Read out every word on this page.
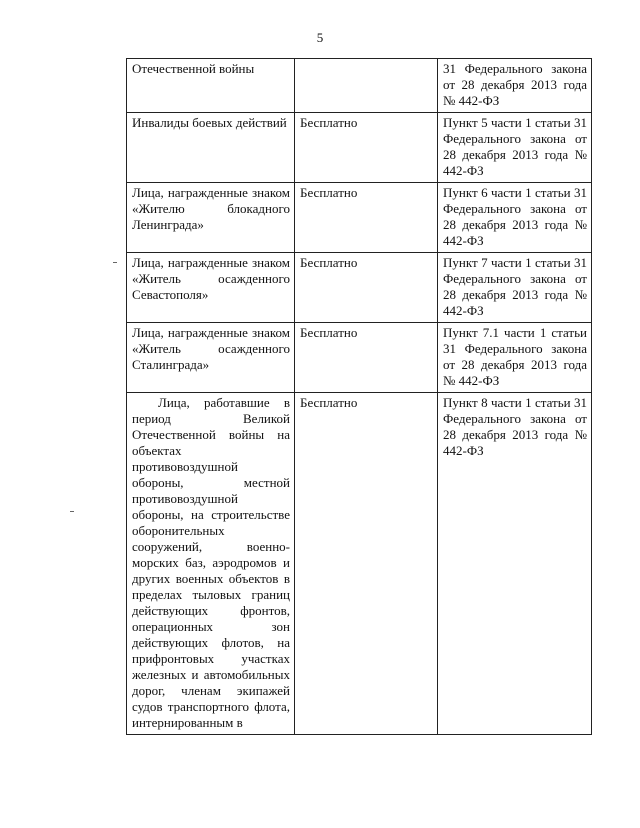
5

Отечественной войны		31 Федерального закона от 28 декабря 2013 года № 442-ФЗ

Инвалиды боевых действий	Бесплатно	Пункт 5 части 1 статьи 31 Федерального закона от 28 декабря 2013 года № 442-ФЗ

Лица, награжденные знаком «Жителю блокадного Ленинграда»	Бесплатно	Пункт 6 части 1 статьи 31 Федерального закона от 28 декабря 2013 года № 442-ФЗ

Лица, награжденные знаком «Житель осажденного Севастополя»	Бесплатно	Пункт 7 части 1 статьи 31 Федерального закона от 28 декабря 2013 года № 442-ФЗ

Лица, награжденные знаком «Житель осажденного Сталинграда»	Бесплатно	Пункт 7.1 части 1 статьи 31 Федерального закона от 28 декабря 2013 года № 442-ФЗ

Лица, работавшие в период Великой Отечественной войны на объектах противовоздушной обороны, местной противовоздушной обороны, на строительстве оборонительных сооружений, военно-морских баз, аэродромов и других военных объектов в пределах тыловых границ действующих фронтов, операционных зон действующих флотов, на прифронтовых участках железных и автомобильных дорог, членам экипажей судов транспортного флота, интернированным в	Бесплатно	Пункт 8 части 1 статьи 31 Федерального закона от 28 декабря 2013 года № 442-ФЗ
